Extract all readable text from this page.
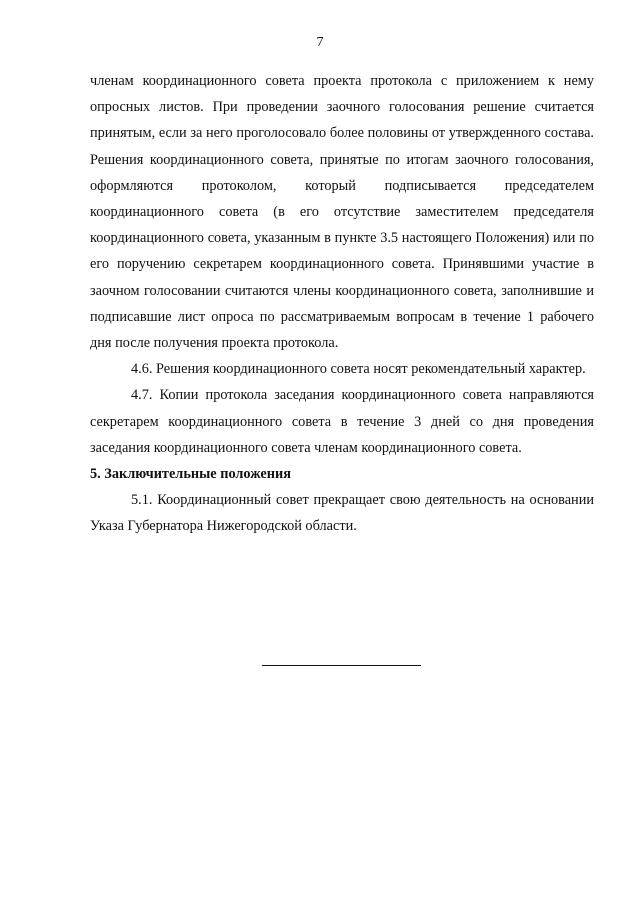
7

членам координационного совета проекта протокола с приложением к нему опросных листов. При проведении заочного голосования решение считается принятым, если за него проголосовало более половины от утвержденного состава. Решения координационного совета, принятые по итогам заочного голосования, оформляются протоколом, который подписывается председателем координационного совета (в его отсутствие заместителем председателя координационного совета, указанным в пункте 3.5 настоящего Положения) или по его поручению секретарем координационного совета. Принявшими участие в заочном голосовании считаются члены координационного совета, заполнившие и подписавшие лист опроса по рассматриваемым вопросам в течение 1 рабочего дня после получения проекта протокола.

4.6. Решения координационного совета носят рекомендательный характер.

4.7. Копии протокола заседания координационного совета направляются секретарем координационного совета в течение 3 дней со дня проведения заседания координационного совета членам координационного совета.

5. Заключительные положения

5.1. Координационный совет прекращает свою деятельность на основании Указа Губернатора Нижегородской области.
